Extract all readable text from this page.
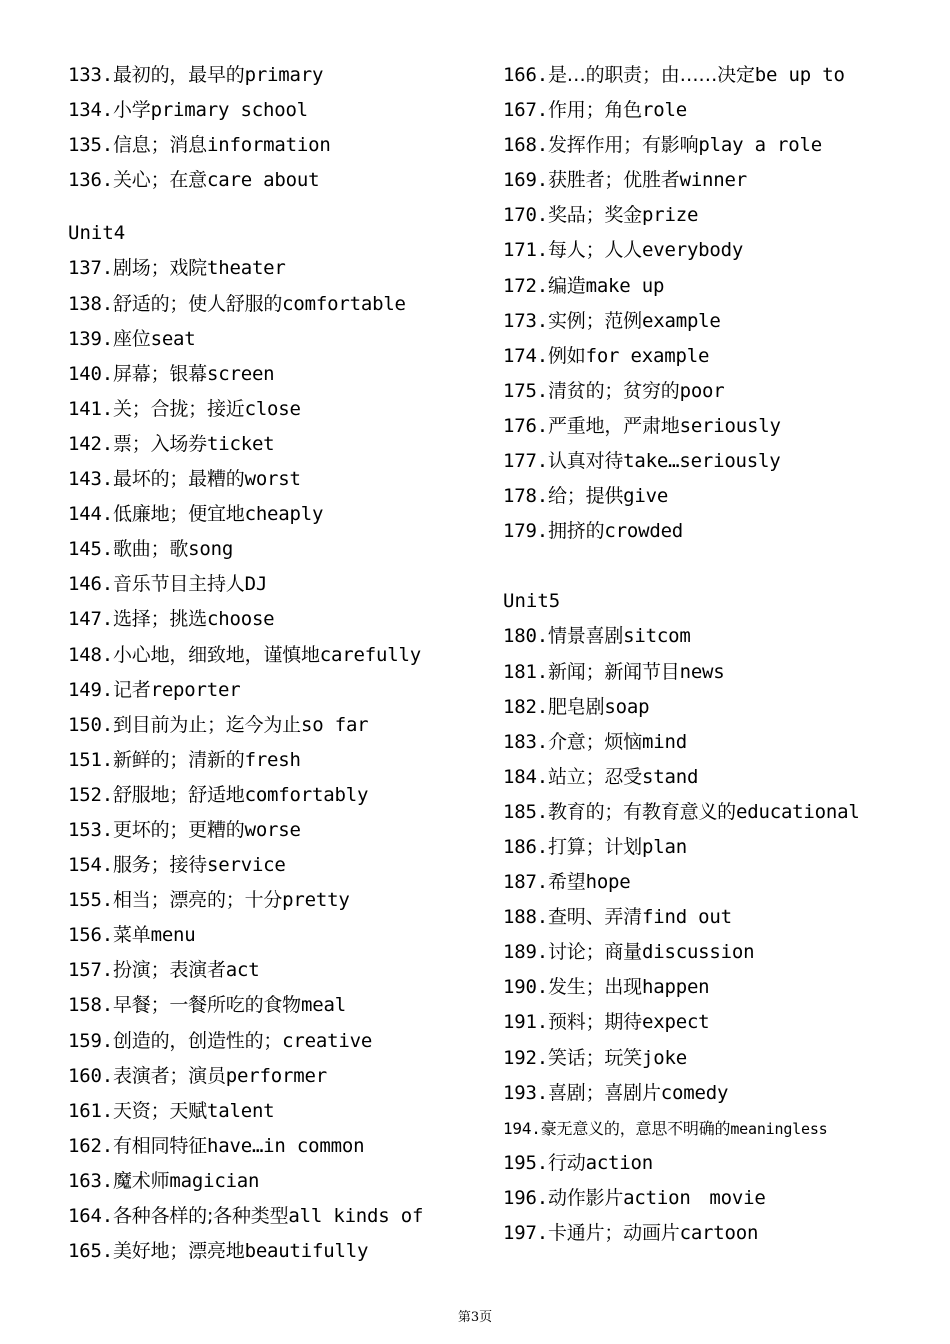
133.最初的，最早的primary
134.小学primary school
135.信息；消息information
136.关心；在意care about
Unit4
137.剧场；戏院theater
138.舒适的；使人舒服的comfortable
139.座位seat
140.屏幕；银幕screen
141.关；合拢；接近close
142.票；入场券ticket
143.最坏的；最糟的worst
144.低廉地；便宜地cheaply
145.歌曲；歌song
146.音乐节目主持人DJ
147.选择；挑选choose
148.小心地，细致地，谨慎地carefully
149.记者reporter
150.到目前为止；迄今为止so far
151.新鲜的；清新的fresh
152.舒服地；舒适地comfortably
153.更坏的；更糟的worse
154.服务；接待service
155.相当；漂亮的；十分pretty
156.菜单menu
157.扮演；表演者act
158.早餐；一餐所吃的食物meal
159.创造的，创造性的；creative
160.表演者；演员performer
161.天资；天赋talent
162.有相同特征have…in common
163.魔术师magician
164.各种各样的;各种类型all kinds of
165.美好地；漂亮地beautifully
166.是…的职责；由……决定be up to
167.作用；角色role
168.发挥作用；有影响play a role
169.获胜者；优胜者winner
170.奖品；奖金prize
171.每人；人人everybody
172.编造make up
173.实例；范例example
174.例如for example
175.清贫的；贫穷的poor
176.严重地，严肃地seriously
177.认真对待take…seriously
178.给；提供give
179.拥挤的crowded
Unit5
180.情景喜剧sitcom
181.新闻；新闻节目news
182.肥皂剧soap
183.介意；烦恼mind
184.站立；忍受stand
185.教育的；有教育意义的educational
186.打算；计划plan
187.希望hope
188.查明、弄清find out
189.讨论；商量discussion
190.发生；出现happen
191.预料；期待expect
192.笑话；玩笑joke
193.喜剧；喜剧片comedy
194.豪无意义的，意思不明确的meaningless
195.行动action
196.动作影片action　movie
197.卡通片；动画片cartoon
第3页
